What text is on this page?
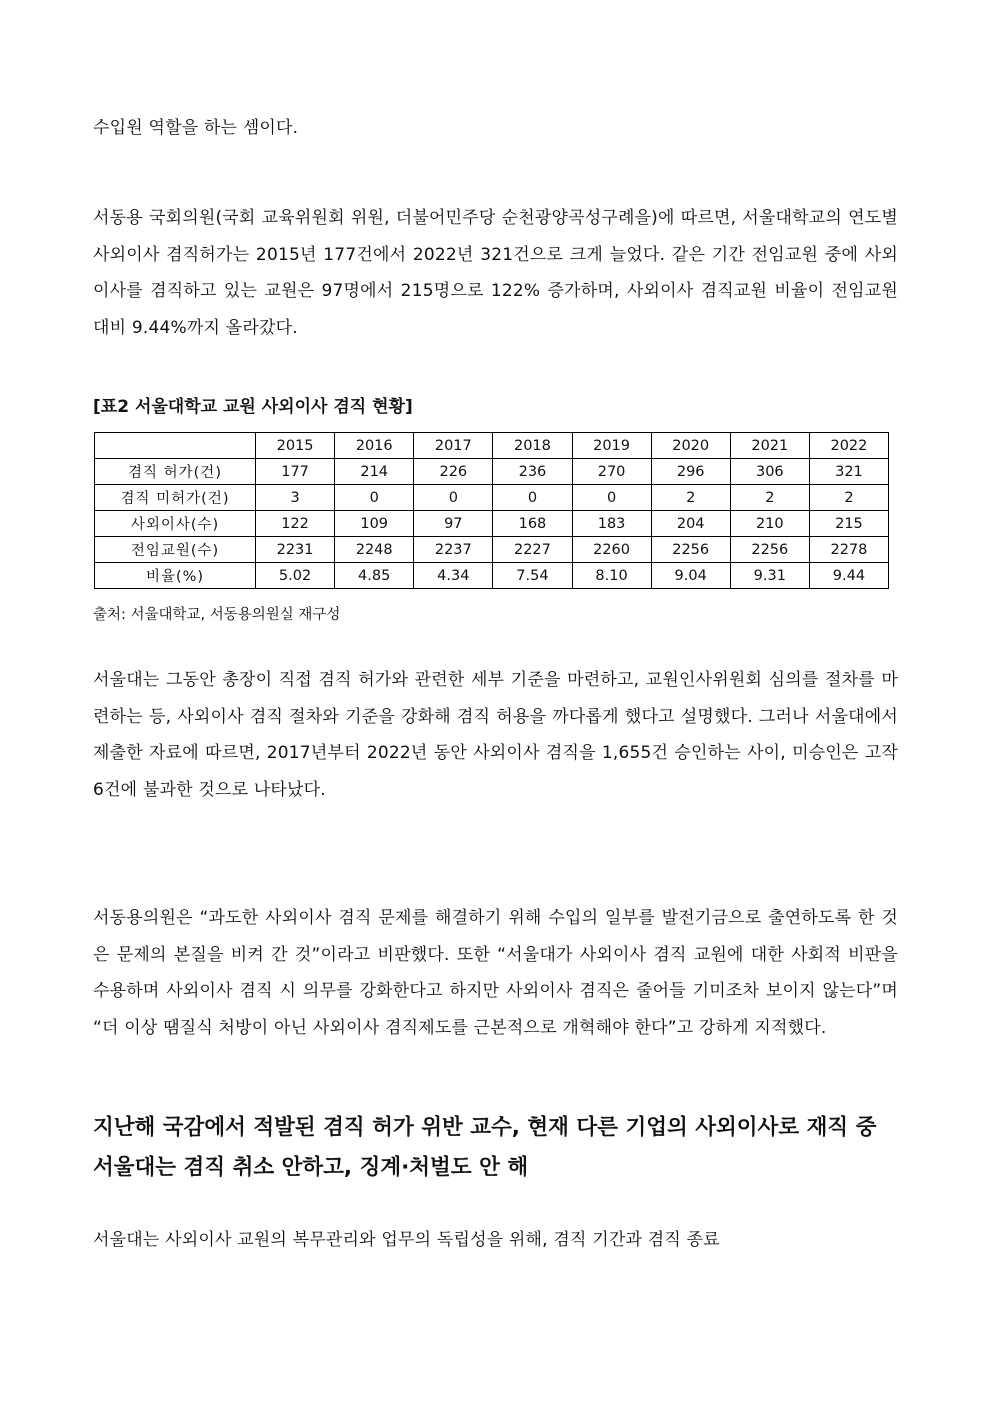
수입원 역할을 하는 셈이다.

서동용 국회의원(국회 교육위원회 위원, 더불어민주당 순천광양곡성구례을)에 따르면, 서울대학교의 연도별 사외이사 겸직허가는 2015년 177건에서 2022년 321건으로 크게 늘었다. 같은 기간 전임교원 중에 사외이사를 겸직하고 있는 교원은 97명에서 215명으로 122% 증가하며, 사외이사 겸직교원 비율이 전임교원 대비 9.44%까지 올라갔다.

[표2 서울대학교 교원 사외이사 겸직 현황]

	2015	2016	2017	2018	2019	2020	2021	2022
겸직 허가(건)	177	214	226	236	270	296	306	321
겸직 미허가(건)	3	0	0	0	0	2	2	2
사외이사(수)	122	109	97	168	183	204	210	215
전임교원(수)	2231	2248	2237	2227	2260	2256	2256	2278
비율(%)	5.02	4.85	4.34	7.54	8.10	9.04	9.31	9.44

출처: 서울대학교, 서동용의원실 재구성

서울대는 그동안 총장이 직접 겸직 허가와 관련한 세부 기준을 마련하고, 교원인사위원회 심의를 절차를 마련하는 등, 사외이사 겸직 절차와 기준을 강화해 겸직 허용을 까다롭게 했다고 설명했다. 그러나 서울대에서 제출한 자료에 따르면, 2017년부터 2022년 동안 사외이사 겸직을 1,655건 승인하는 사이, 미승인은 고작 6건에 불과한 것으로 나타났다.

서동용의원은 “과도한 사외이사 겸직 문제를 해결하기 위해 수입의 일부를 발전기금으로 출연하도록 한 것은 문제의 본질을 비켜 간 것”이라고 비판했다. 또한 “서울대가 사외이사 겸직 교원에 대한 사회적 비판을 수용하며 사외이사 겸직 시 의무를 강화한다고 하지만 사외이사 겸직은 줄어들 기미조차 보이지 않는다”며 “더 이상 땜질식 처방이 아닌 사외이사 겸직제도를 근본적으로 개혁해야 한다”고 강하게 지적했다.

지난해 국감에서 적발된 겸직 허가 위반 교수, 현재 다른 기업의 사외이사로 재직 중
서울대는 겸직 취소 안하고, 징계·처벌도 안 해

서울대는 사외이사 교원의 복무관리와 업무의 독립성을 위해, 겸직 기간과 겸직 종료
